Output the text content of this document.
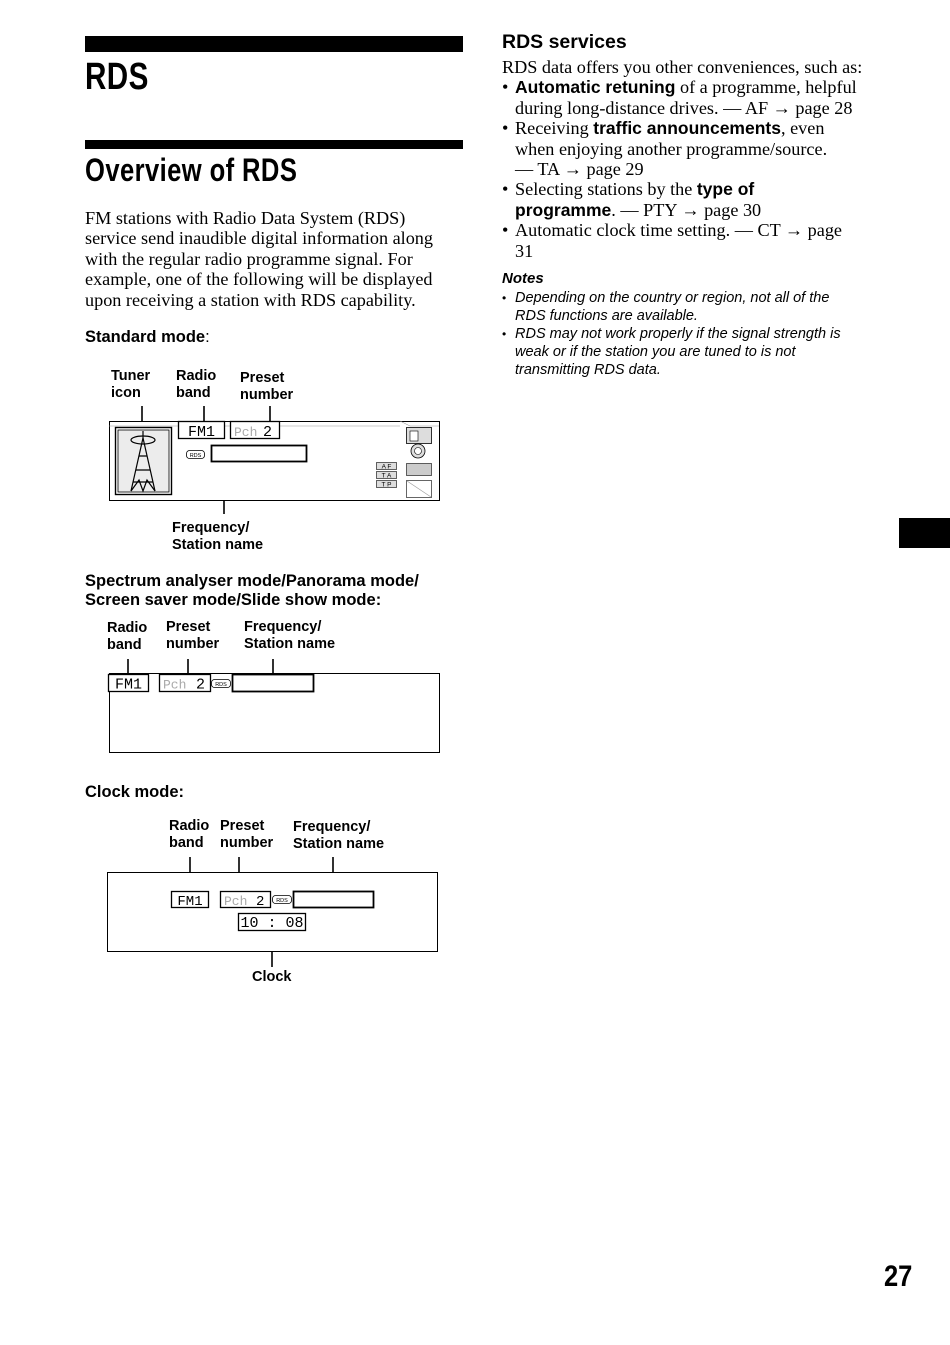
RDS
Overview of RDS
FM stations with Radio Data System (RDS)
service send inaudible digital information along
with the regular radio programme signal. For
example, one of the following will be displayed
upon receiving a station with RDS capability.
Standard mode:
Tuner
icon
Radio
band
Preset
number
Frequency/
Station name
FM1 Pch 2
RDS
A F
T A
T P
Spectrum analyser mode/Panorama mode/
Screen saver mode/Slide show mode:
Radio
band
Preset
number
Frequency/
Station name
FM1 Pch 2 RDS
Clock mode:
Radio
band
Preset
number
Frequency/
Station name
Clock
FM1 Pch 2 RDS
10 : 08
RDS services
RDS data offers you other conveniences, such as:
• Automatic retuning of a programme, helpful
during long-distance drives. — AF → page 28
• Receiving traffic announcements, even
when enjoying another programme/source.
— TA → page 29
• Selecting stations by the type of
programme. — PTY → page 30
• Automatic clock time setting. — CT → page
31
Notes
• Depending on the country or region, not all of the
RDS functions are available.
• RDS may not work properly if the signal strength is
weak or if the station you are tuned to is not
transmitting RDS data.
27
